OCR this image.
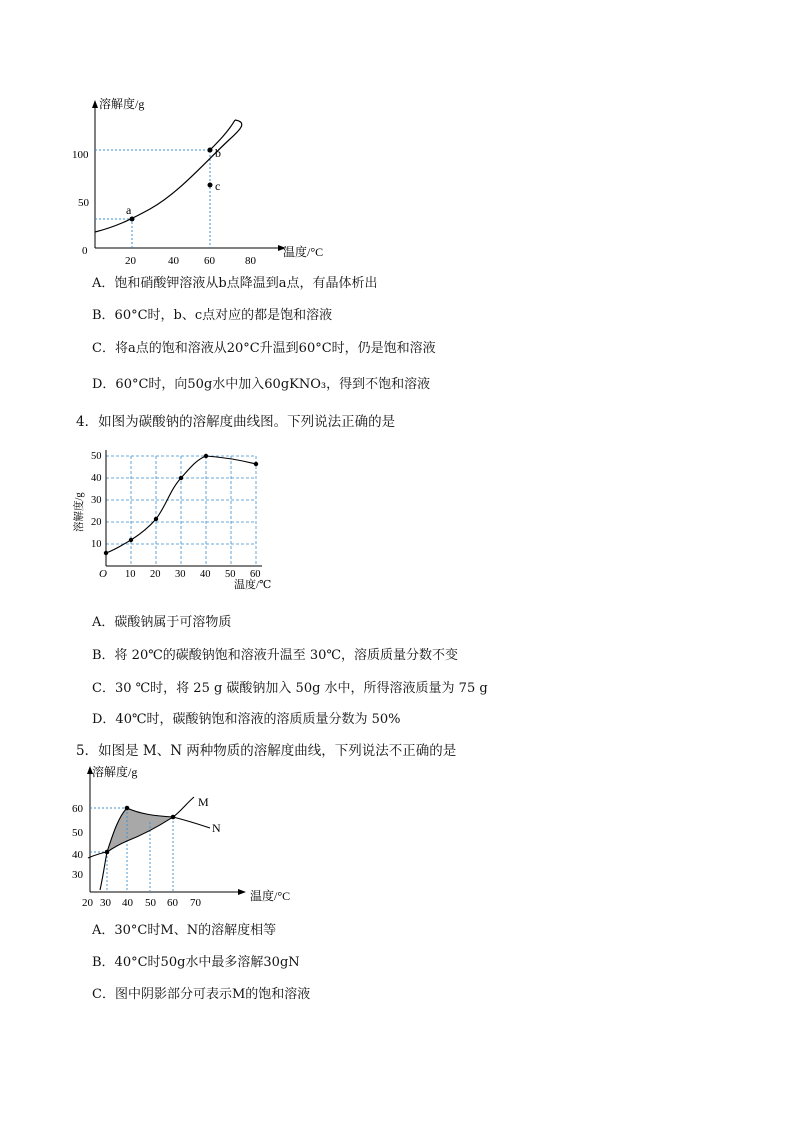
溶解度/g
温度/°C
0
100
50
20	40 60	80
a
b
c
A．饱和硝酸钾溶液从b点降温到a点，有晶体析出
B．60°C时，b、c点对应的都是饱和溶液
C．将a点的饱和溶液从20°C升温到60°C时，仍是饱和溶液
D．60°C时，向50g水中加入60gKNO₃，得到不饱和溶液
4．如图为碳酸钠的溶解度曲线图。下列说法正确的是
溶解度/g
温度/℃
O
10
20
30
40
50
10 20 30 40 50 60
A．碳酸钠属于可溶物质
B．将 20℃的碳酸钠饱和溶液升温至 30℃，溶质质量分数不变
C．30 ℃时，将 25 g 碳酸钠加入 50g 水中，所得溶液质量为 75 g
D．40℃时，碳酸钠饱和溶液的溶质质量分数为 50%
5．如图是 M、N 两种物质的溶解度曲线，下列说法不正确的是
溶解度/g
温度/°C
60
50
40
30
20 30 40 50 60 70
M
N
A．30°C时M、N的溶解度相等
B．40°C时50g水中最多溶解30gN
C．图中阴影部分可表示M的饱和溶液
